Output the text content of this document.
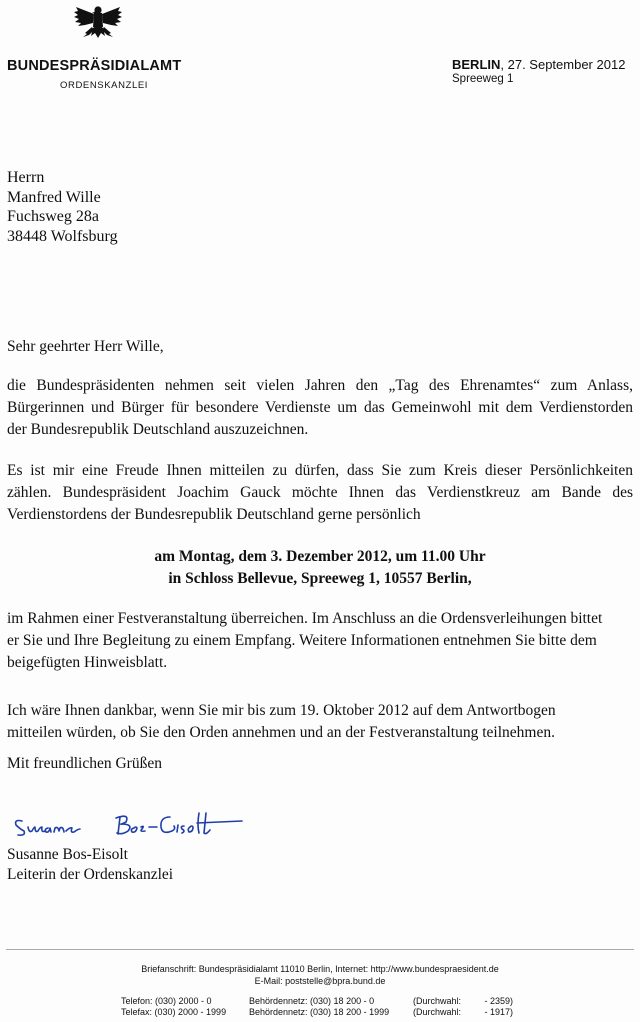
BUNDESPRÄSIDIALAMT
ORDENSKANZLEI
BERLIN, 27. September 2012
Spreeweg 1
Herrn
Manfred Wille
Fuchsweg 28a
38448 Wolfsburg
Sehr geehrter Herr Wille,
die Bundespräsidenten nehmen seit vielen Jahren den „Tag des Ehrenamtes“ zum Anlass,
Bürgerinnen und Bürger für besondere Verdienste um das Gemeinwohl mit dem Verdienstorden
der Bundesrepublik Deutschland auszuzeichnen.
Es ist mir eine Freude Ihnen mitteilen zu dürfen, dass Sie zum Kreis dieser Persönlichkeiten
zählen. Bundespräsident Joachim Gauck möchte Ihnen das Verdienstkreuz am Bande des
Verdienstordens der Bundesrepublik Deutschland gerne persönlich
am Montag, dem 3. Dezember 2012, um 11.00 Uhr
in Schloss Bellevue, Spreeweg 1, 10557 Berlin,
im Rahmen einer Festveranstaltung überreichen. Im Anschluss an die Ordensverleihungen bittet
er Sie und Ihre Begleitung zu einem Empfang. Weitere Informationen entnehmen Sie bitte dem
beigefügten Hinweisblatt.
Ich wäre Ihnen dankbar, wenn Sie mir bis zum 19. Oktober 2012 auf dem Antwortbogen
mitteilen würden, ob Sie den Orden annehmen und an der Festveranstaltung teilnehmen.
Mit freundlichen Grüßen
Susanne Bos-Eisolt
Leiterin der Ordenskanzlei
Briefanschrift: Bundespräsidialamt 11010 Berlin, Internet: http://www.bundespraesident.de
E-Mail: poststelle@bpra.bund.de
Telefon: (030) 2000 - 0	Behördennetz: (030) 18 200 - 0	(Durchwahl:	- 2359)
Telefax: (030) 2000 - 1999	Behördennetz: (030) 18 200 - 1999	(Durchwahl:	- 1917)
